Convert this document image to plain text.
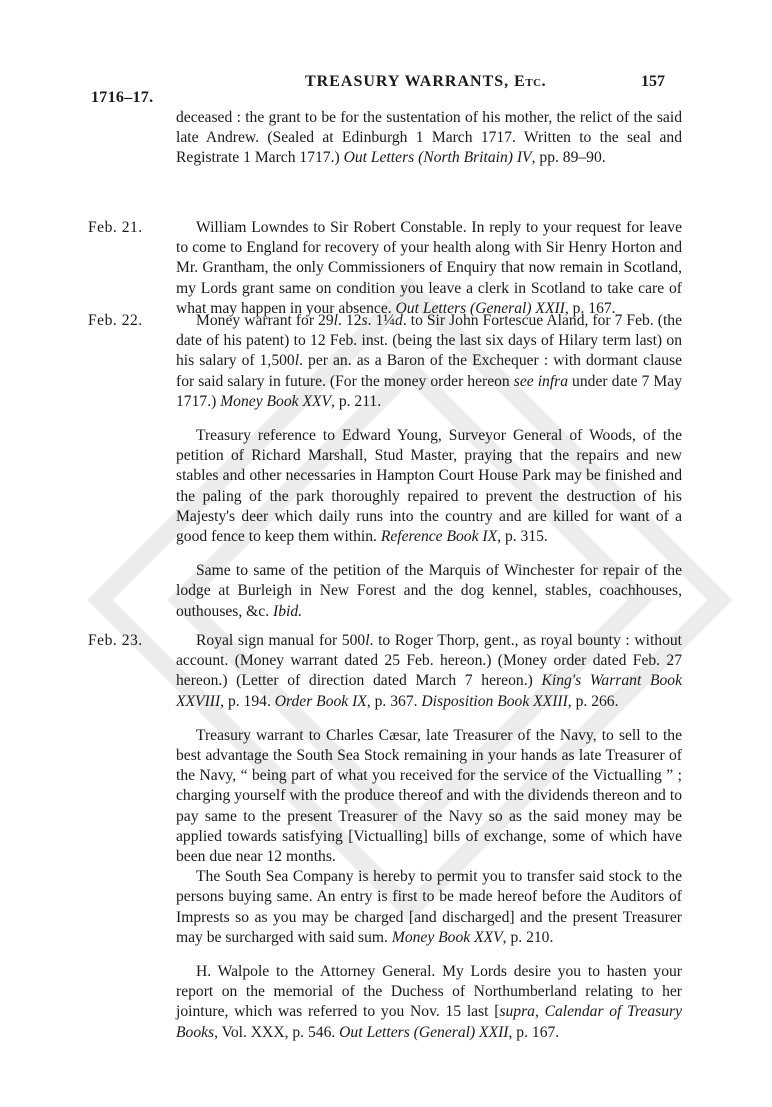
1716–17.
TREASURY WARRANTS, Etc.	157
deceased : the grant to be for the sustentation of his mother, the relict of the said late Andrew. (Sealed at Edinburgh 1 March 1717. Written to the seal and Registrate 1 March 1717.) Out Letters (North Britain) IV, pp. 89–90.
Feb. 21.	William Lowndes to Sir Robert Constable. In reply to your request for leave to come to England for recovery of your health along with Sir Henry Horton and Mr. Grantham, the only Commissioners of Enquiry that now remain in Scotland, my Lords grant same on condition you leave a clerk in Scotland to take care of what may happen in your absence. Out Letters (General) XXII, p. 167.
Feb. 22.	Money warrant for 29l. 12s. 1¼d. to Sir John Fortescue Aland, for 7 Feb. (the date of his patent) to 12 Feb. inst. (being the last six days of Hilary term last) on his salary of 1,500l. per an. as a Baron of the Exchequer : with dormant clause for said salary in future. (For the money order hereon see infra under date 7 May 1717.) Money Book XXV, p. 211.
Treasury reference to Edward Young, Surveyor General of Woods, of the petition of Richard Marshall, Stud Master, praying that the repairs and new stables and other necessaries in Hampton Court House Park may be finished and the paling of the park thoroughly repaired to prevent the destruction of his Majesty's deer which daily runs into the country and are killed for want of a good fence to keep them within. Reference Book IX, p. 315.
Same to same of the petition of the Marquis of Winchester for repair of the lodge at Burleigh in New Forest and the dog kennel, stables, coachhouses, outhouses, &c. Ibid.
Feb. 23.	Royal sign manual for 500l. to Roger Thorp, gent., as royal bounty : without account. (Money warrant dated 25 Feb. hereon.) (Money order dated Feb. 27 hereon.) (Letter of direction dated March 7 hereon.) King's Warrant Book XXVIII, p. 194. Order Book IX, p. 367. Disposition Book XXIII, p. 266.
Treasury warrant to Charles Cæsar, late Treasurer of the Navy, to sell to the best advantage the South Sea Stock remaining in your hands as late Treasurer of the Navy, “ being part of what you received for the service of the Victualling ” ; charging yourself with the produce thereof and with the dividends thereon and to pay same to the present Treasurer of the Navy so as the said money may be applied towards satisfying [Victualling] bills of exchange, some of which have been due near 12 months.
The South Sea Company is hereby to permit you to transfer said stock to the persons buying same. An entry is first to be made hereof before the Auditors of Imprests so as you may be charged [and discharged] and the present Treasurer may be surcharged with said sum. Money Book XXV, p. 210.
H. Walpole to the Attorney General. My Lords desire you to hasten your report on the memorial of the Duchess of Northumberland relating to her jointure, which was referred to you Nov. 15 last [supra, Calendar of Treasury Books, Vol. XXX, p. 546. Out Letters (General) XXII, p. 167.
